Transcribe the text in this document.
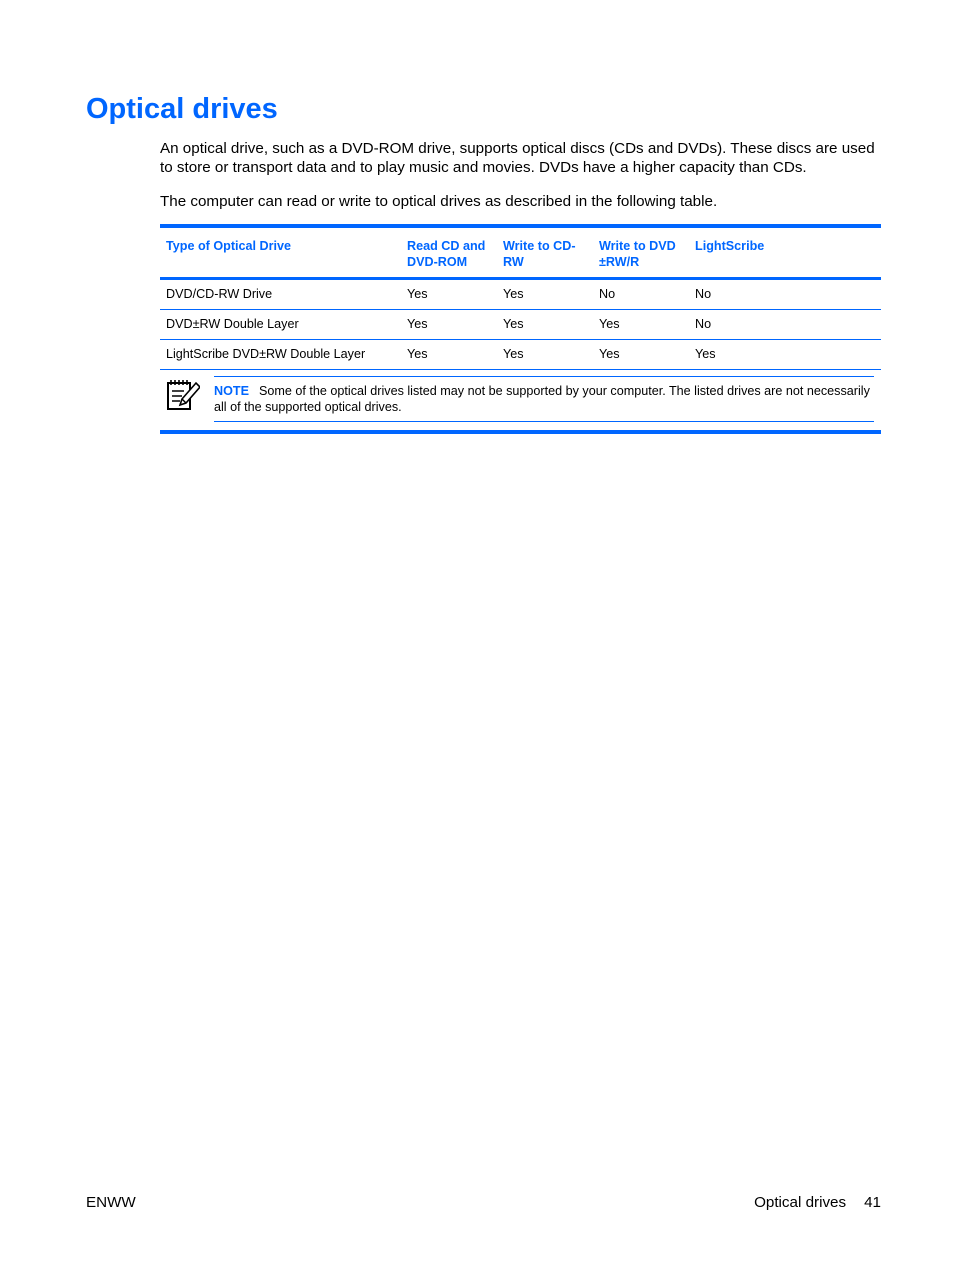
Optical drives

An optical drive, such as a DVD-ROM drive, supports optical discs (CDs and DVDs). These discs are used to store or transport data and to play music and movies. DVDs have a higher capacity than CDs.

The computer can read or write to optical drives as described in the following table.

Type of Optical Drive	Read CD and DVD-ROM	Write to CD-RW	Write to DVD ±RW/R	LightScribe
DVD/CD-RW Drive	Yes	Yes	No	No
DVD±RW Double Layer	Yes	Yes	Yes	No
LightScribe DVD±RW Double Layer	Yes	Yes	Yes	Yes
NOTE Some of the optical drives listed may not be supported by your computer. The listed drives are not necessarily all of the supported optical drives.
ENWW	Optical drives 41
